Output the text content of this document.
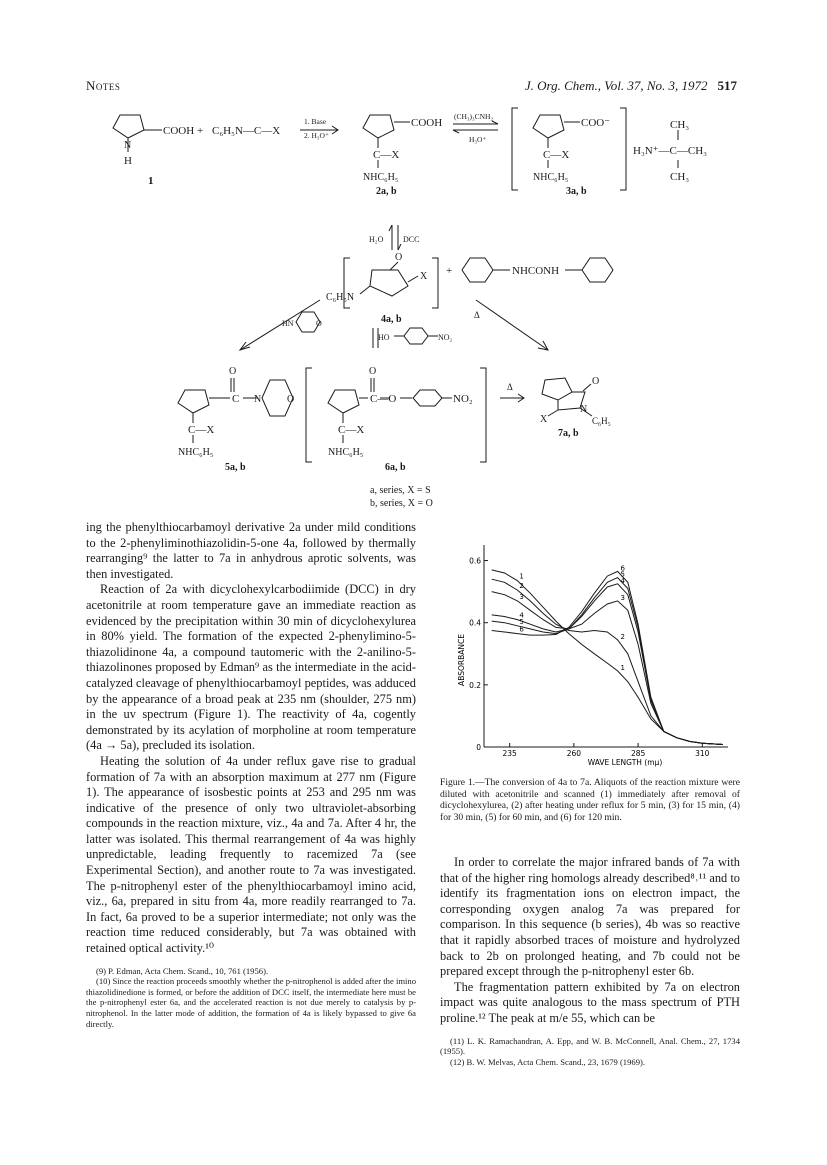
Notes	J. Org. Chem., Vol. 37, No. 3, 1972 517
COOH + C₆H₅N—C—X
1. Base
2. H₃O⁺
N
H
1
COOH
C—X
NHC₆H₅
2a, b
(CH₃)₃CNH₂
H₃O⁺
COO⁻
C—X
NHC₆H₅
3a, b
CH₃
H₃N⁺—C—CH₃
CH₃
H₂O DCC
O
X
C₆H₅N
4a, b
+	NHCONH
HN	O
HO	NO₂
Δ
O
C N	O
C—X
NHC₆H₅
5a, b
O
C—O	NO₂
C—X
NHC₆H₅
6a, b
Δ	O
X
N
C₆H₅
7a, b
a, series, X = S
b, series, X = O

ing the phenylthiocarbamoyl derivative 2a under mild conditions to the 2-phenyliminothiazolidin-5-one 4a, followed by thermally rearranging⁹ the latter to 7a in anhydrous aprotic solvents, was then investigated.

Reaction of 2a with dicyclohexylcarbodiimide (DCC) in dry acetonitrile at room temperature gave an immediate reaction as evidenced by the precipitation within 30 min of dicyclohexylurea in 80% yield. The formation of the expected 2-phenylimino-5-thiazolidinone 4a, a compound tautomeric with the 2-anilino-5-thiazolinones proposed by Edman⁹ as the intermediate in the acid-catalyzed cleavage of phenylthiocarbamoyl peptides, was adduced by the appearance of a broad peak at 235 nm (shoulder, 275 nm) in the uv spectrum (Figure 1). The reactivity of 4a, cogently demonstrated by its acylation of morpholine at room temperature (4a → 5a), precluded its isolation.

Heating the solution of 4a under reflux gave rise to gradual formation of 7a with an absorption maximum at 277 nm (Figure 1). The appearance of isosbestic points at 253 and 295 nm was indicative of the presence of only two ultraviolet-absorbing compounds in the reaction mixture, viz., 4a and 7a. After 4 hr, the latter was isolated. This thermal rearrangement of 4a was highly unpredictable, leading frequently to racemized 7a (see Experimental Section), and another route to 7a was investigated. The p-nitrophenyl ester of the phenylthiocarbamoyl imino acid, viz., 6a, prepared in situ from 4a, more readily rearranged to 7a. In fact, 6a proved to be a superior intermediate; not only was the reaction time reduced considerably, but 7a was obtained with retained optical activity.¹⁰

(9) P. Edman, Acta Chem. Scand., 10, 761 (1956).

(10) Since the reaction proceeds smoothly whether the p-nitrophenol is added after the imino thiazolidinedione is formed, or before the addition of DCC itself, the intermediate here must be the p-nitrophenyl ester 6a, and the accelerated reaction is not due merely to catalysis by p-nitrophenol. In the latter mode of addition, the formation of 4a is likely bypassed to give 6a directly.

235	260	285	310
0
0.2
0.4
0.6
1
1
2
2
3	3
4
4
5
5
6
6
WAVE LENGTH (mμ)
ABSORBANCE
Figure 1.—The conversion of 4a to 7a. Aliquots of the reaction mixture were diluted with acetonitrile and scanned (1) immediately after removal of dicyclohexylurea, (2) after heating under reflux for 5 min, (3) for 15 min, (4) for 30 min, (5) for 60 min, and (6) for 120 min.

In order to correlate the major infrared bands of 7a with that of the higher ring homologs already described⁸˒¹¹ and to identify its fragmentation ions on electron impact, the corresponding oxygen analog 7a was prepared for comparison. In this sequence (b series), 4b was so reactive that it rapidly absorbed traces of moisture and hydrolyzed back to 2b on prolonged heating, and 7b could not be prepared except through the p-nitrophenyl ester 6b.

The fragmentation pattern exhibited by 7a on electron impact was quite analogous to the mass spectrum of PTH proline.¹² The peak at m/e 55, which can be

(11) L. K. Ramachandran, A. Epp, and W. B. McConnell, Anal. Chem., 27, 1734 (1955).

(12) B. W. Melvas, Acta Chem. Scand., 23, 1679 (1969).
